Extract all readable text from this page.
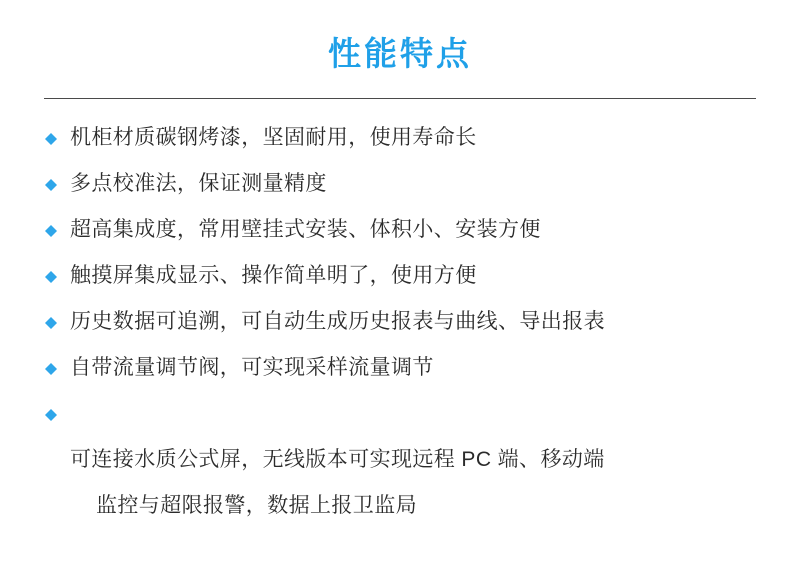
性能特点
机柜材质碳钢烤漆，坚固耐用，使用寿命长
多点校准法，保证测量精度
超高集成度，常用壁挂式安装、体积小、安装方便
触摸屏集成显示、操作简单明了，使用方便
历史数据可追溯，可自动生成历史报表与曲线、导出报表
自带流量调节阀，可实现采样流量调节

可连接水质公式屏，无线版本可实现远程 PC 端、移动端

监控与超限报警，数据上报卫监局
